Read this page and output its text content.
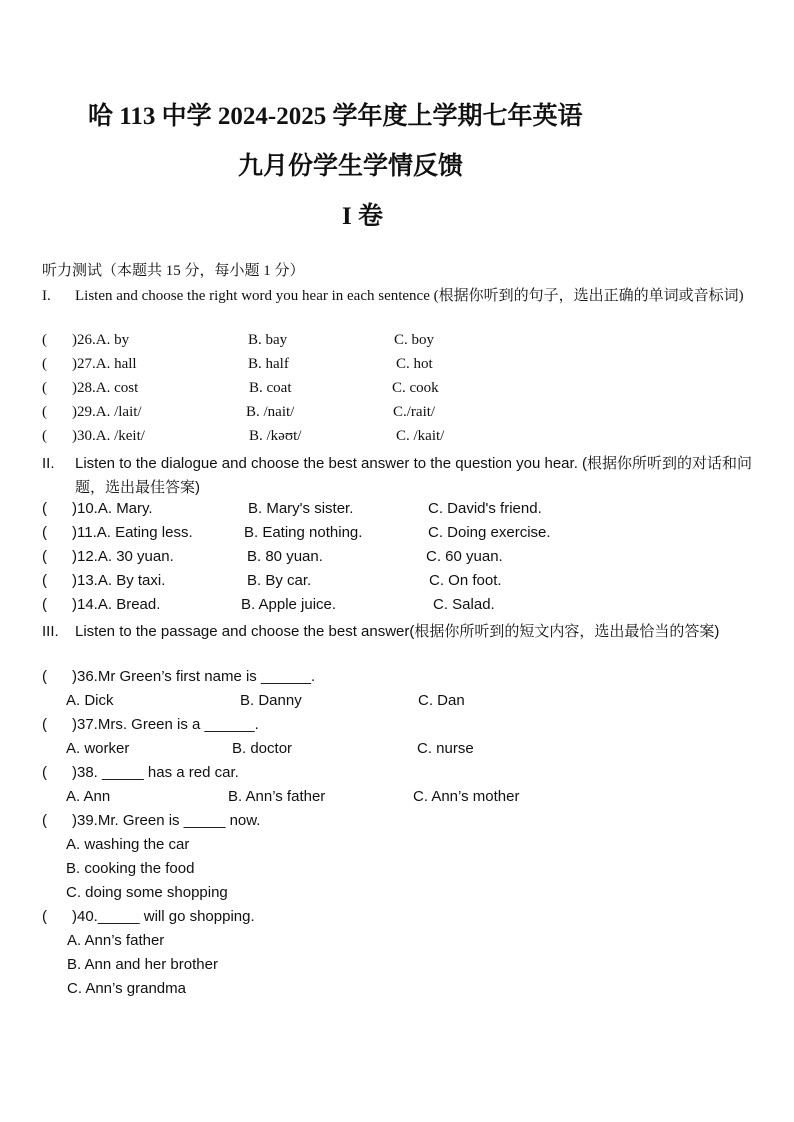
哈 113 中学 2024-2025 学年度上学期七年英语
九月份学生学情反馈
I 卷
听力测试（本题共 15 分，每小题 1 分）
I. Listen and choose the right word you hear in each sentence (根据你听到的句子，选出正确的单词或音标词)
( )26.A. by	B. bay	C. boy
( )27.A. hall	B. half	C. hot
( )28.A. cost	B. coat	C. cook
( )29.A. /lait/	B. /nait/	C./rait/
( )30.A. /keit/	B. /kəʊt/	C. /kait/
II. Listen to the dialogue and choose the best answer to the question you hear. (根据你所听到的对话和问题，选出最佳答案)
( )10.A. Mary.	B. Mary's sister.	C. David's friend.
( )11.A. Eating less.	B. Eating nothing.	C. Doing exercise.
( )12.A. 30 yuan.	B. 80 yuan.	C. 60 yuan.
( )13.A. By taxi.	B. By car.	C. On foot.
( )14.A. Bread.	B. Apple juice.	C. Salad.
III. Listen to the passage and choose the best answer(根据你所听到的短文内容，选出最恰当的答案)
( )36.Mr Green’s first name is ______.
A. Dick	B. Danny	C. Dan
( )37.Mrs. Green is a ______.
A. worker	B. doctor	C. nurse
( )38. _____ has a red car.
A. Ann	B. Ann’s father	C. Ann’s mother
( )39.Mr. Green is _____ now.
A. washing the car
B. cooking the food
C. doing some shopping
( )40._____ will go shopping.
A. Ann’s father
B. Ann and her brother
C. Ann’s grandma
